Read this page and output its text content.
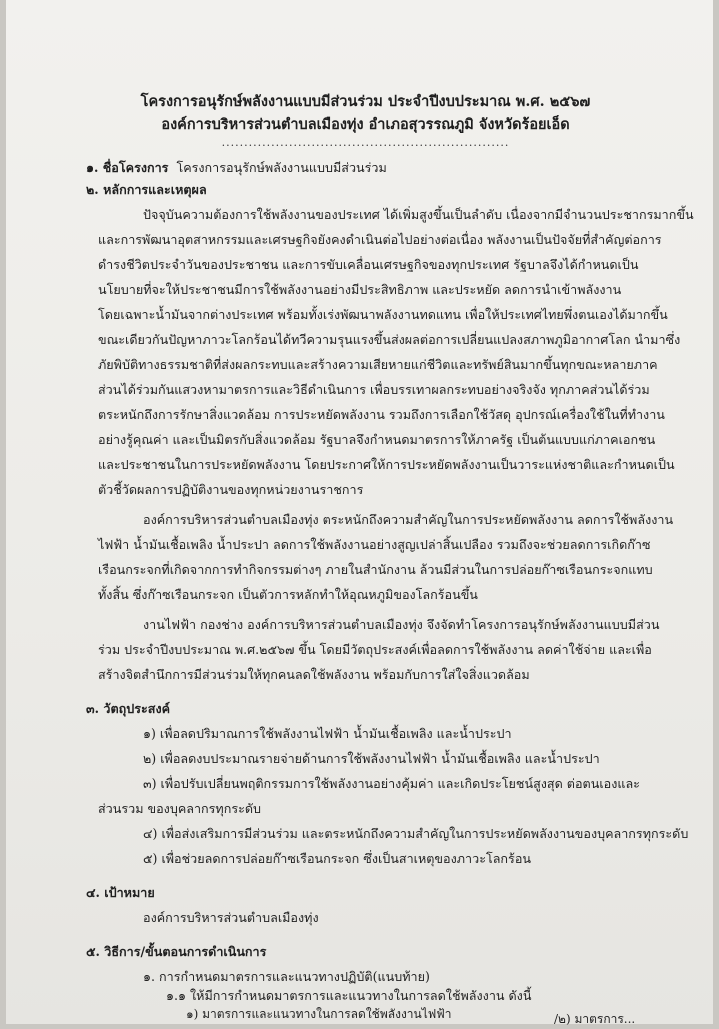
โครงการอนุรักษ์พลังงานแบบมีส่วนร่วม ประจำปีงบประมาณ พ.ศ. ๒๕๖๗
องค์การบริหารส่วนตำบลเมืองทุ่ง อำเภอสุวรรณภูมิ จังหวัดร้อยเอ็ด
................................................................
๑. ชื่อโครงการ โครงการอนุรักษ์พลังงานแบบมีส่วนร่วม
๒. หลักการและเหตุผล
ปัจจุบันความต้องการใช้พลังงานของประเทศ ได้เพิ่มสูงขึ้นเป็นลำดับ เนื่องจากมีจำนวนประชากรมากขึ้น
และการพัฒนาอุตสาหกรรมและเศรษฐกิจยังคงดำเนินต่อไปอย่างต่อเนื่อง พลังงานเป็นปัจจัยที่สำคัญต่อการ
ดำรงชีวิตประจำวันของประชาชน และการขับเคลื่อนเศรษฐกิจของทุกประเทศ รัฐบาลจึงได้กำหนดเป็น
นโยบายที่จะให้ประชาชนมีการใช้พลังงานอย่างมีประสิทธิภาพ และประหยัด ลดการนำเข้าพลังงาน
โดยเฉพาะน้ำมันจากต่างประเทศ พร้อมทั้งเร่งพัฒนาพลังงานทดแทน เพื่อให้ประเทศไทยพึ่งตนเองได้มากขึ้น
ขณะเดียวกันปัญหาภาวะโลกร้อนได้ทวีความรุนแรงขึ้นส่งผลต่อการเปลี่ยนแปลงสภาพภูมิอากาศโลก นำมาซึ่ง
ภัยพิบัติทางธรรมชาติที่ส่งผลกระทบและสร้างความเสียหายแก่ชีวิตและทรัพย์สินมากขึ้นทุกขณะหลายภาค
ส่วนได้ร่วมกันแสวงหามาตรการและวิธีดำเนินการ เพื่อบรรเทาผลกระทบอย่างจริงจัง ทุกภาคส่วนได้ร่วม
ตระหนักถึงการรักษาสิ่งแวดล้อม การประหยัดพลังงาน รวมถึงการเลือกใช้วัสดุ อุปกรณ์เครื่องใช้ในที่ทำงาน
อย่างรู้คุณค่า และเป็นมิตรกับสิ่งแวดล้อม รัฐบาลจึงกำหนดมาตรการให้ภาครัฐ เป็นต้นแบบแก่ภาคเอกชน
และประชาชนในการประหยัดพลังงาน โดยประกาศให้การประหยัดพลังงานเป็นวาระแห่งชาติและกำหนดเป็น
ตัวชี้วัดผลการปฏิบัติงานของทุกหน่วยงานราชการ
องค์การบริหารส่วนตำบลเมืองทุ่ง ตระหนักถึงความสำคัญในการประหยัดพลังงาน ลดการใช้พลังงาน
ไฟฟ้า น้ำมันเชื้อเพลิง น้ำประปา ลดการใช้พลังงานอย่างสูญเปล่าสิ้นเปลือง รวมถึงจะช่วยลดการเกิดก๊าซ
เรือนกระจกที่เกิดจากการทำกิจกรรมต่างๆ ภายในสำนักงาน ล้วนมีส่วนในการปล่อยก๊าซเรือนกระจกแทบ
ทั้งสิ้น ซึ่งก๊าซเรือนกระจก เป็นตัวการหลักทำให้อุณหภูมิของโลกร้อนขึ้น
งานไฟฟ้า กองช่าง องค์การบริหารส่วนตำบลเมืองทุ่ง จึงจัดทำโครงการอนุรักษ์พลังงานแบบมีส่วน
ร่วม ประจำปีงบประมาณ พ.ศ.๒๕๖๗ ขึ้น โดยมีวัตถุประสงค์เพื่อลดการใช้พลังงาน ลดค่าใช้จ่าย และเพื่อ
สร้างจิตสำนึกการมีส่วนร่วมให้ทุกคนลดใช้พลังงาน พร้อมกับการใส่ใจสิ่งแวดล้อม
๓. วัตถุประสงค์
๑) เพื่อลดปริมาณการใช้พลังงานไฟฟ้า น้ำมันเชื้อเพลิง และน้ำประปา
๒) เพื่อลดงบประมาณรายจ่ายด้านการใช้พลังงานไฟฟ้า น้ำมันเชื้อเพลิง และน้ำประปา
๓) เพื่อปรับเปลี่ยนพฤติกรรมการใช้พลังงานอย่างคุ้มค่า และเกิดประโยชน์สูงสุด ต่อตนเองและ
ส่วนรวม ของบุคลากรทุกระดับ
๔) เพื่อส่งเสริมการมีส่วนร่วม และตระหนักถึงความสำคัญในการประหยัดพลังงานของบุคลากรทุกระดับ
๕) เพื่อช่วยลดการปล่อยก๊าซเรือนกระจก ซึ่งเป็นสาเหตุของภาวะโลกร้อน
๔. เป้าหมาย
องค์การบริหารส่วนตำบลเมืองทุ่ง
๕. วิธีการ/ขั้นตอนการดำเนินการ
๑. การกำหนดมาตรการและแนวทางปฏิบัติ(แนบท้าย)
๑.๑ ให้มีการกำหนดมาตรการและแนวทางในการลดใช้พลังงาน ดังนี้
๑) มาตรการและแนวทางในการลดใช้พลังงานไฟฟ้า	/๒) มาตรการ...
